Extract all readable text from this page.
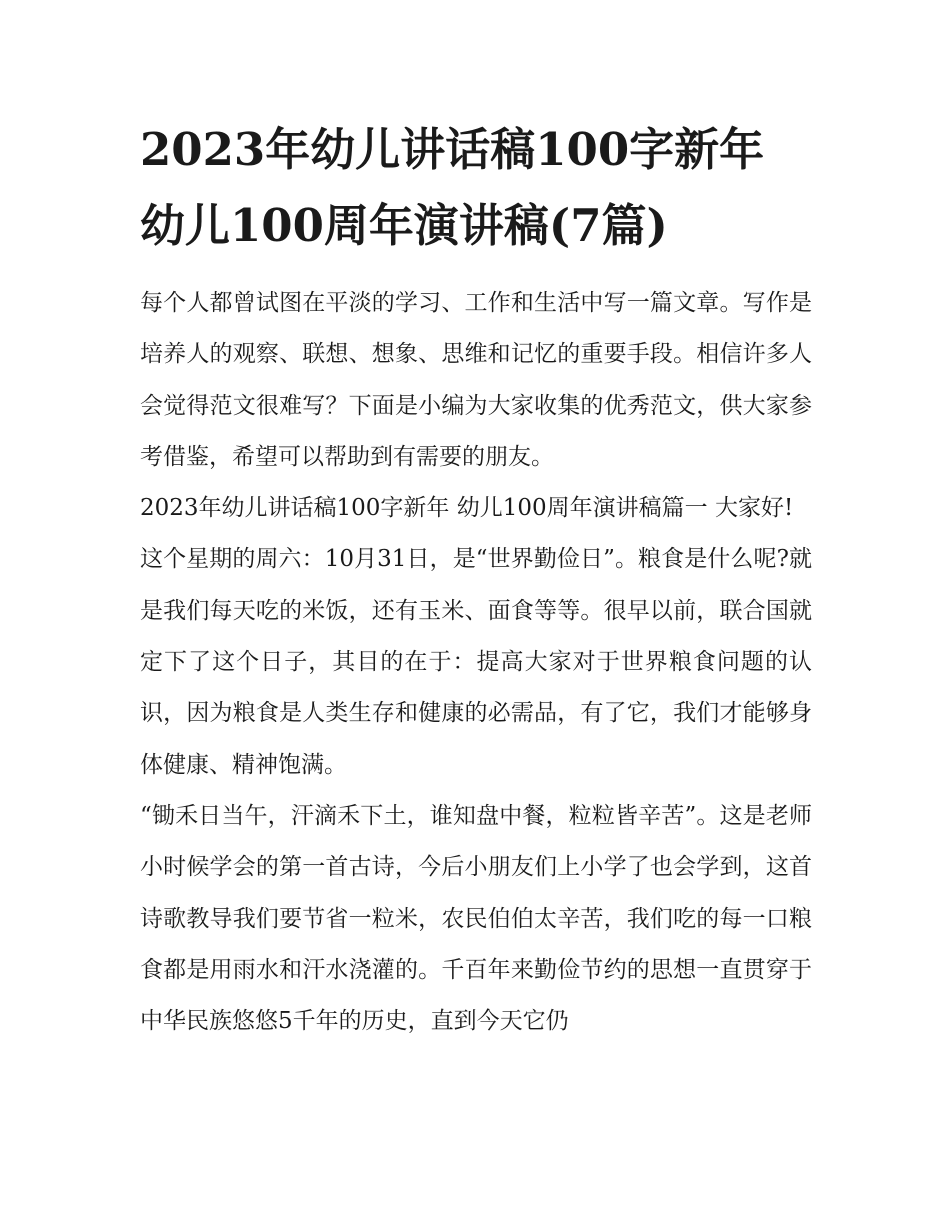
2023年幼儿讲话稿100字新年 幼儿100周年演讲稿(7篇)

每个人都曾试图在平淡的学习、工作和生活中写一篇文章。写作是培养人的观察、联想、想象、思维和记忆的重要手段。相信许多人会觉得范文很难写？下面是小编为大家收集的优秀范文，供大家参考借鉴，希望可以帮助到有需要的朋友。

2023年幼儿讲话稿100字新年 幼儿100周年演讲稿篇一 大家好!

这个星期的周六：10月31日，是“世界勤俭日”。粮食是什么呢?就是我们每天吃的米饭，还有玉米、面食等等。很早以前，联合国就定下了这个日子，其目的在于：提高大家对于世界粮食问题的认识，因为粮食是人类生存和健康的必需品，有了它，我们才能够身体健康、精神饱满。

“锄禾日当午，汗滴禾下土，谁知盘中餐，粒粒皆辛苦”。这是老师小时候学会的第一首古诗，今后小朋友们上小学了也会学到，这首诗歌教导我们要节省一粒米，农民伯伯太辛苦，我们吃的每一口粮食都是用雨水和汗水浇灌的。千百年来勤俭节约的思想一直贯穿于中华民族悠悠5千年的历史，直到今天它仍
